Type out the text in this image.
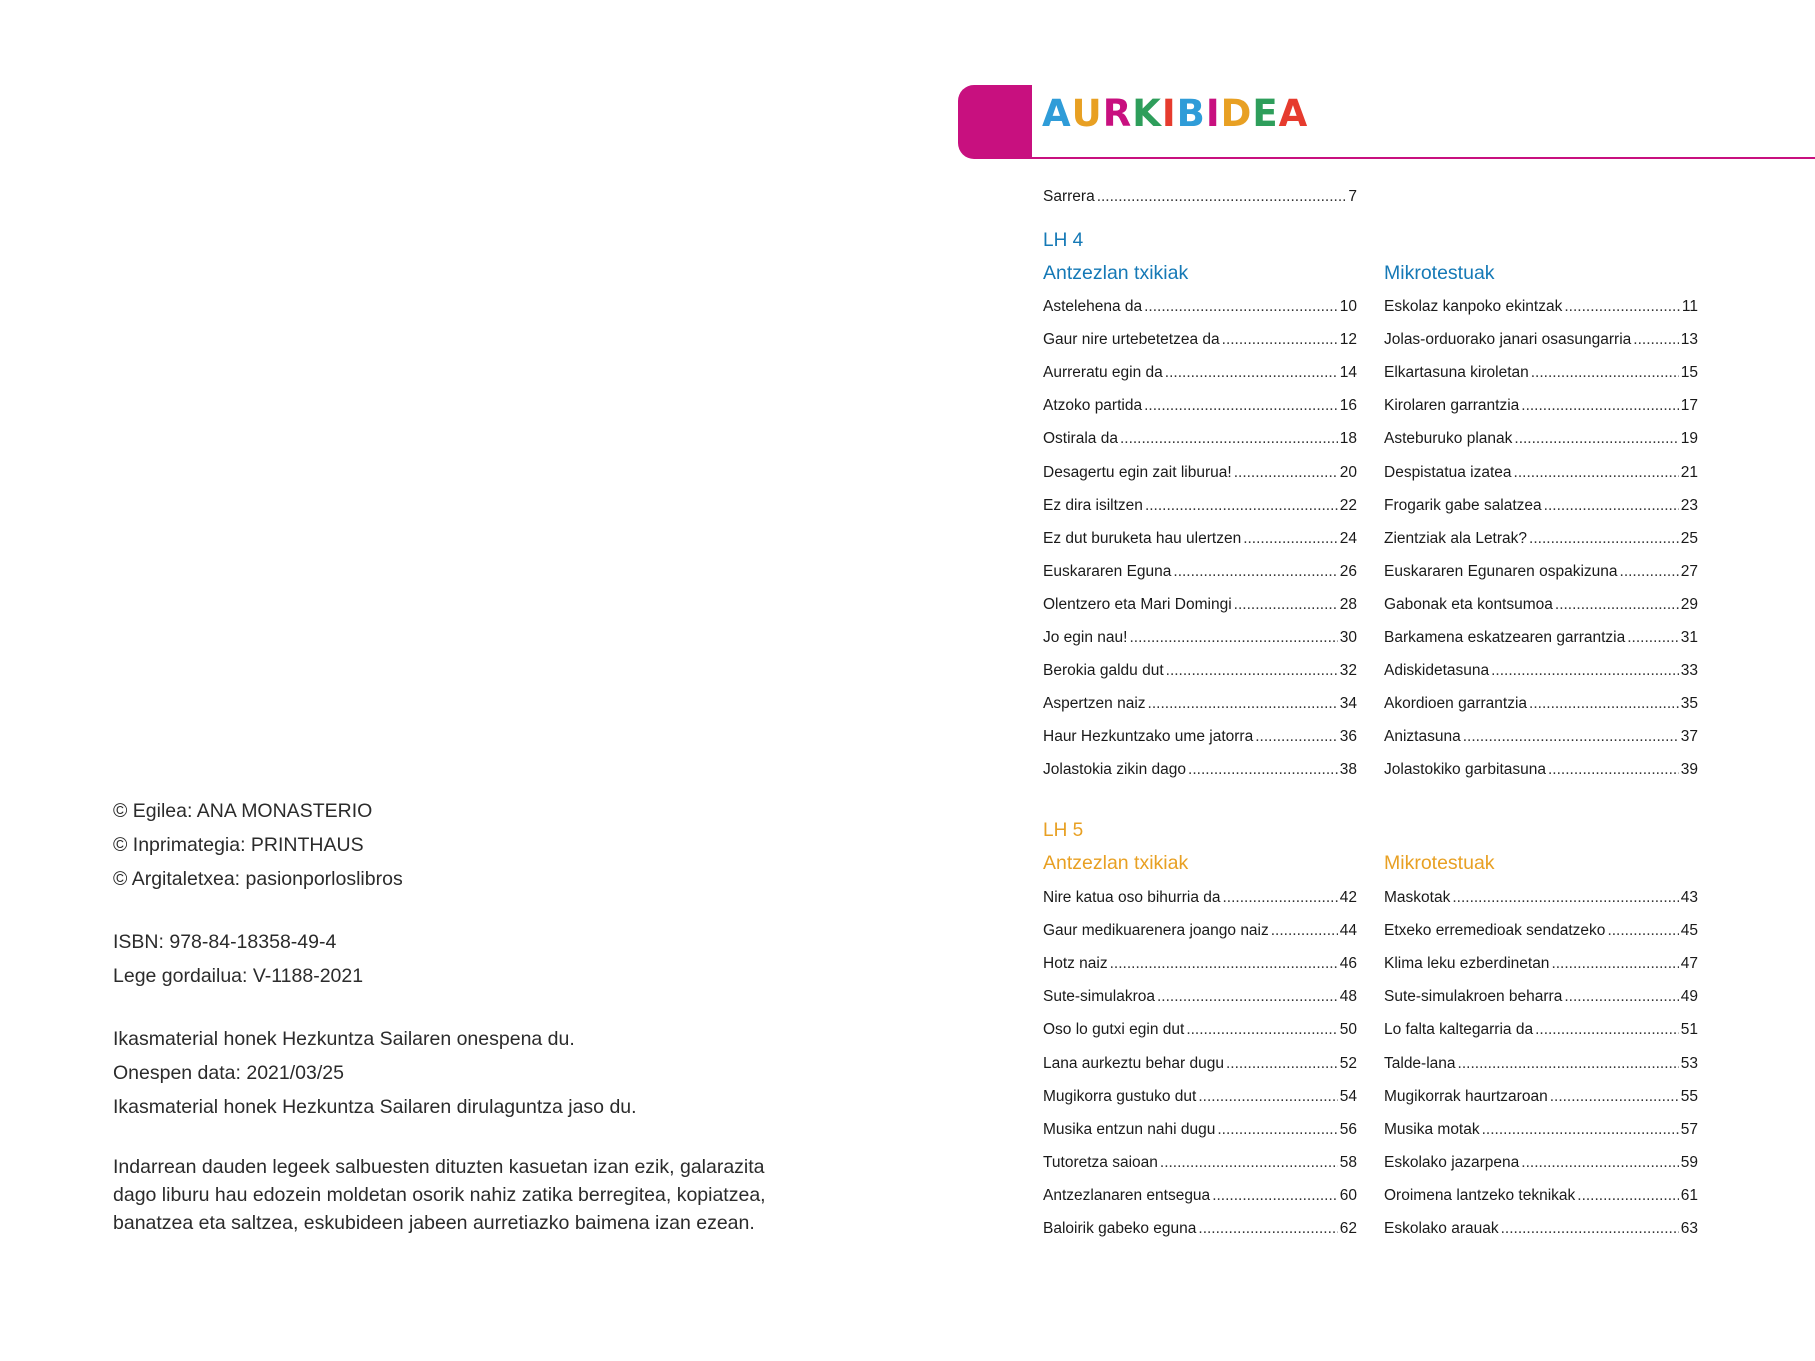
© Egilea: ANA MONASTERIO
© Inprimategia: PRINTHAUS
© Argitaletxea: pasionporloslibros
ISBN: 978-84-18358-49-4
Lege gordailua: V-1188-2021
Ikasmaterial honek Hezkuntza Sailaren onespena du.
Onespen data: 2021/03/25
Ikasmaterial honek Hezkuntza Sailaren dirulaguntza jaso du.
Indarrean dauden legeek salbuesten dituzten kasuetan izan ezik, galarazita
dago liburu hau edozein moldetan osorik nahiz zatika berregitea, kopiatzea,
banatzea eta saltzea, eskubideen jabeen aurretiazko baimena izan ezean.
AURKIBIDEA
Sarrera .....	7
LH 4
Antzezlan txikiak	Mikrotestuak
Astelehena da .....	10
Gaur nire urtebetetzea da .....	12
Aurreratu egin da .....	14
Atzoko partida .....	16
Ostirala da .....	18
Desagertu egin zait liburua! .....	20
Ez dira isiltzen .....	22
Ez dut buruketa hau ulertzen .....	24
Euskararen Eguna .....	26
Olentzero eta Mari Domingi .....	28
Jo egin nau! .....	30
Berokia galdu dut .....	32
Aspertzen naiz .....	34
Haur Hezkuntzako ume jatorra .....	36
Jolastokia zikin dago .....	38
Eskolaz kanpoko ekintzak .....	11
Jolas-orduorako janari osasungarria .....	13
Elkartasuna kiroletan .....	15
Kirolaren garrantzia .....	17
Asteburuko planak .....	19
Despistatua izatea .....	21
Frogarik gabe salatzea .....	23
Zientziak ala Letrak? .....	25
Euskararen Egunaren ospakizuna .....	27
Gabonak eta kontsumoa .....	29
Barkamena eskatzearen garrantzia .....	31
Adiskidetasuna .....	33
Akordioen garrantzia .....	35
Aniztasuna .....	37
Jolastokiko garbitasuna .....	39
LH 5
Antzezlan txikiak	Mikrotestuak
Nire katua oso bihurria da .....	42
Gaur medikuarenera joango naiz .....	44
Hotz naiz .....	46
Sute-simulakroa .....	48
Oso lo gutxi egin dut .....	50
Lana aurkeztu behar dugu .....	52
Mugikorra gustuko dut .....	54
Musika entzun nahi dugu .....	56
Tutoretza saioan .....	58
Antzezlanaren entsegua .....	60
Baloirik gabeko eguna .....	62
Maskotak .....	43
Etxeko erremedioak sendatzeko .....	45
Klima leku ezberdinetan .....	47
Sute-simulakroen beharra .....	49
Lo falta kaltegarria da .....	51
Talde-lana .....	53
Mugikorrak haurtzaroan .....	55
Musika motak .....	57
Eskolako jazarpena .....	59
Oroimena lantzeko teknikak .....	61
Eskolako arauak .....	63
